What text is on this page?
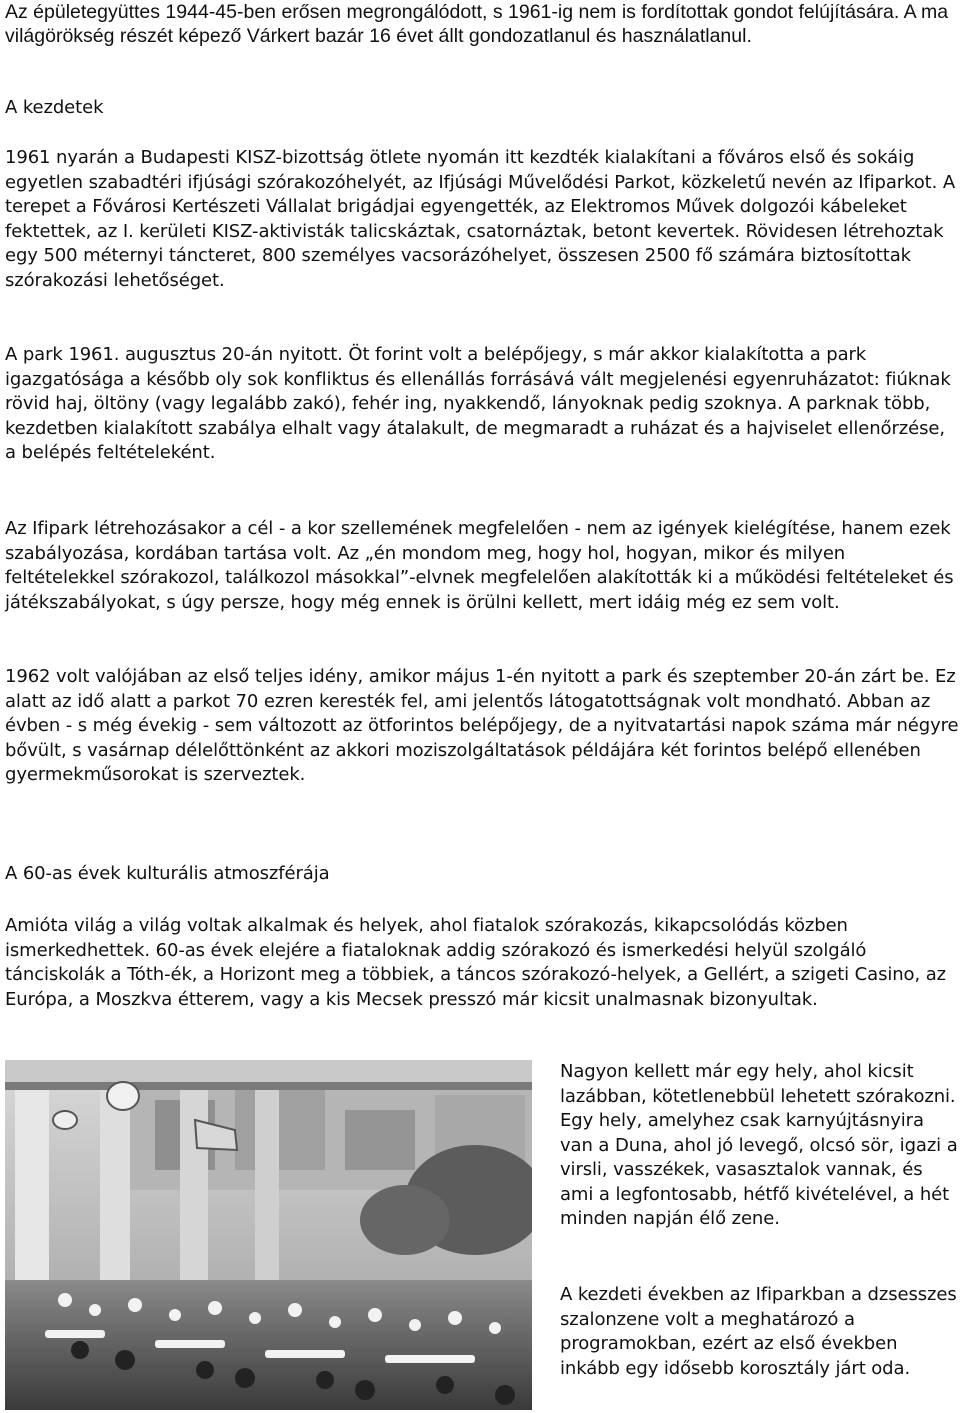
Az épületegyüttes 1944-45-ben erősen megrongálódott, s 1961-ig nem is fordítottak gondot felújítására. A ma világörökség részét képező Várkert bazár 16 évet állt gondozatlanul és használatlanul.

A kezdetek

1961 nyarán a Budapesti KISZ-bizottság ötlete nyomán itt kezdték kialakítani a főváros első és sokáig egyetlen szabadtéri ifjúsági szórakozóhelyét, az Ifjúsági Művelődési Parkot, közkeletű nevén az Ifiparkot. A terepet a Fővárosi Kertészeti Vállalat brigádjai egyengették, az Elektromos Művek dolgozói kábeleket fektettek, az I. kerületi KISZ-aktivisták talicskáztak, csatornáztak, betont kevertek. Rövidesen létrehoztak egy 500 méternyi táncteret, 800 személyes vacsorázóhelyet, összesen 2500 fő számára biztosítottak szórakozási lehetőséget.

A park 1961. augusztus 20-án nyitott. Öt forint volt a belépőjegy, s már akkor kialakította a park igazgatósága a később oly sok konfliktus és ellenállás forrásává vált megjelenési egyenruházatot: fiúknak rövid haj, öltöny (vagy legalább zakó), fehér ing, nyakkendő, lányoknak pedig szoknya. A parknak több, kezdetben kialakított szabálya elhalt vagy átalakult, de megmaradt a ruházat és a hajviselet ellenőrzése, a belépés feltételeként.

Az Ifipark létrehozásakor a cél - a kor szellemének megfelelően - nem az igények kielégítése, hanem ezek szabályozása, kordában tartása volt. Az „én mondom meg, hogy hol, hogyan, mikor és milyen feltételekkel szórakozol, találkozol másokkal”-elvnek megfelelően alakították ki a működési feltételeket és játékszabályokat, s úgy persze, hogy még ennek is örülni kellett, mert idáig még ez sem volt.

1962 volt valójában az első teljes idény, amikor május 1-én nyitott a park és szeptember 20-án zárt be. Ez alatt az idő alatt a parkot 70 ezren keresték fel, ami jelentős látogatottságnak volt mondható. Abban az évben - s még évekig - sem változott az ötforintos belépőjegy, de a nyitvatartási napok száma már négyre bővült, s vasárnap délelőttönként az akkori moziszolgáltatások példájára két forintos belépő ellenében gyermekműsorokat is szerveztek.

A 60-as évek kulturális atmoszférája

Amióta világ a világ voltak alkalmak és helyek, ahol fiatalok szórakozás, kikapcsolódás közben ismerkedhettek. 60-as évek elejére a fiataloknak addig szórakozó és ismerkedési helyül szolgáló tánciskolák a Tóth-ék, a Horizont meg a többiek, a táncos szórakozó-helyek, a Gellért, a szigeti Casino, az Európa, a Moszkva étterem, vagy a kis Mecsek presszó már kicsit unalmasnak bizonyultak.

Nagyon kellett már egy hely, ahol kicsit lazábban, kötetlenebbül lehetett szórakozni. Egy hely, amelyhez csak karnyújtásnyira van a Duna, ahol jó levegő, olcsó sör, igazi a virsli, vasszékek, vasasztalok vannak, és ami a legfontosabb, hétfő kivételével, a hét minden napján élő zene.

A kezdeti években az Ifiparkban a dzsesszes szalonzene volt a meghatározó a programokban, ezért az első években inkább egy idősebb korosztály járt oda.
